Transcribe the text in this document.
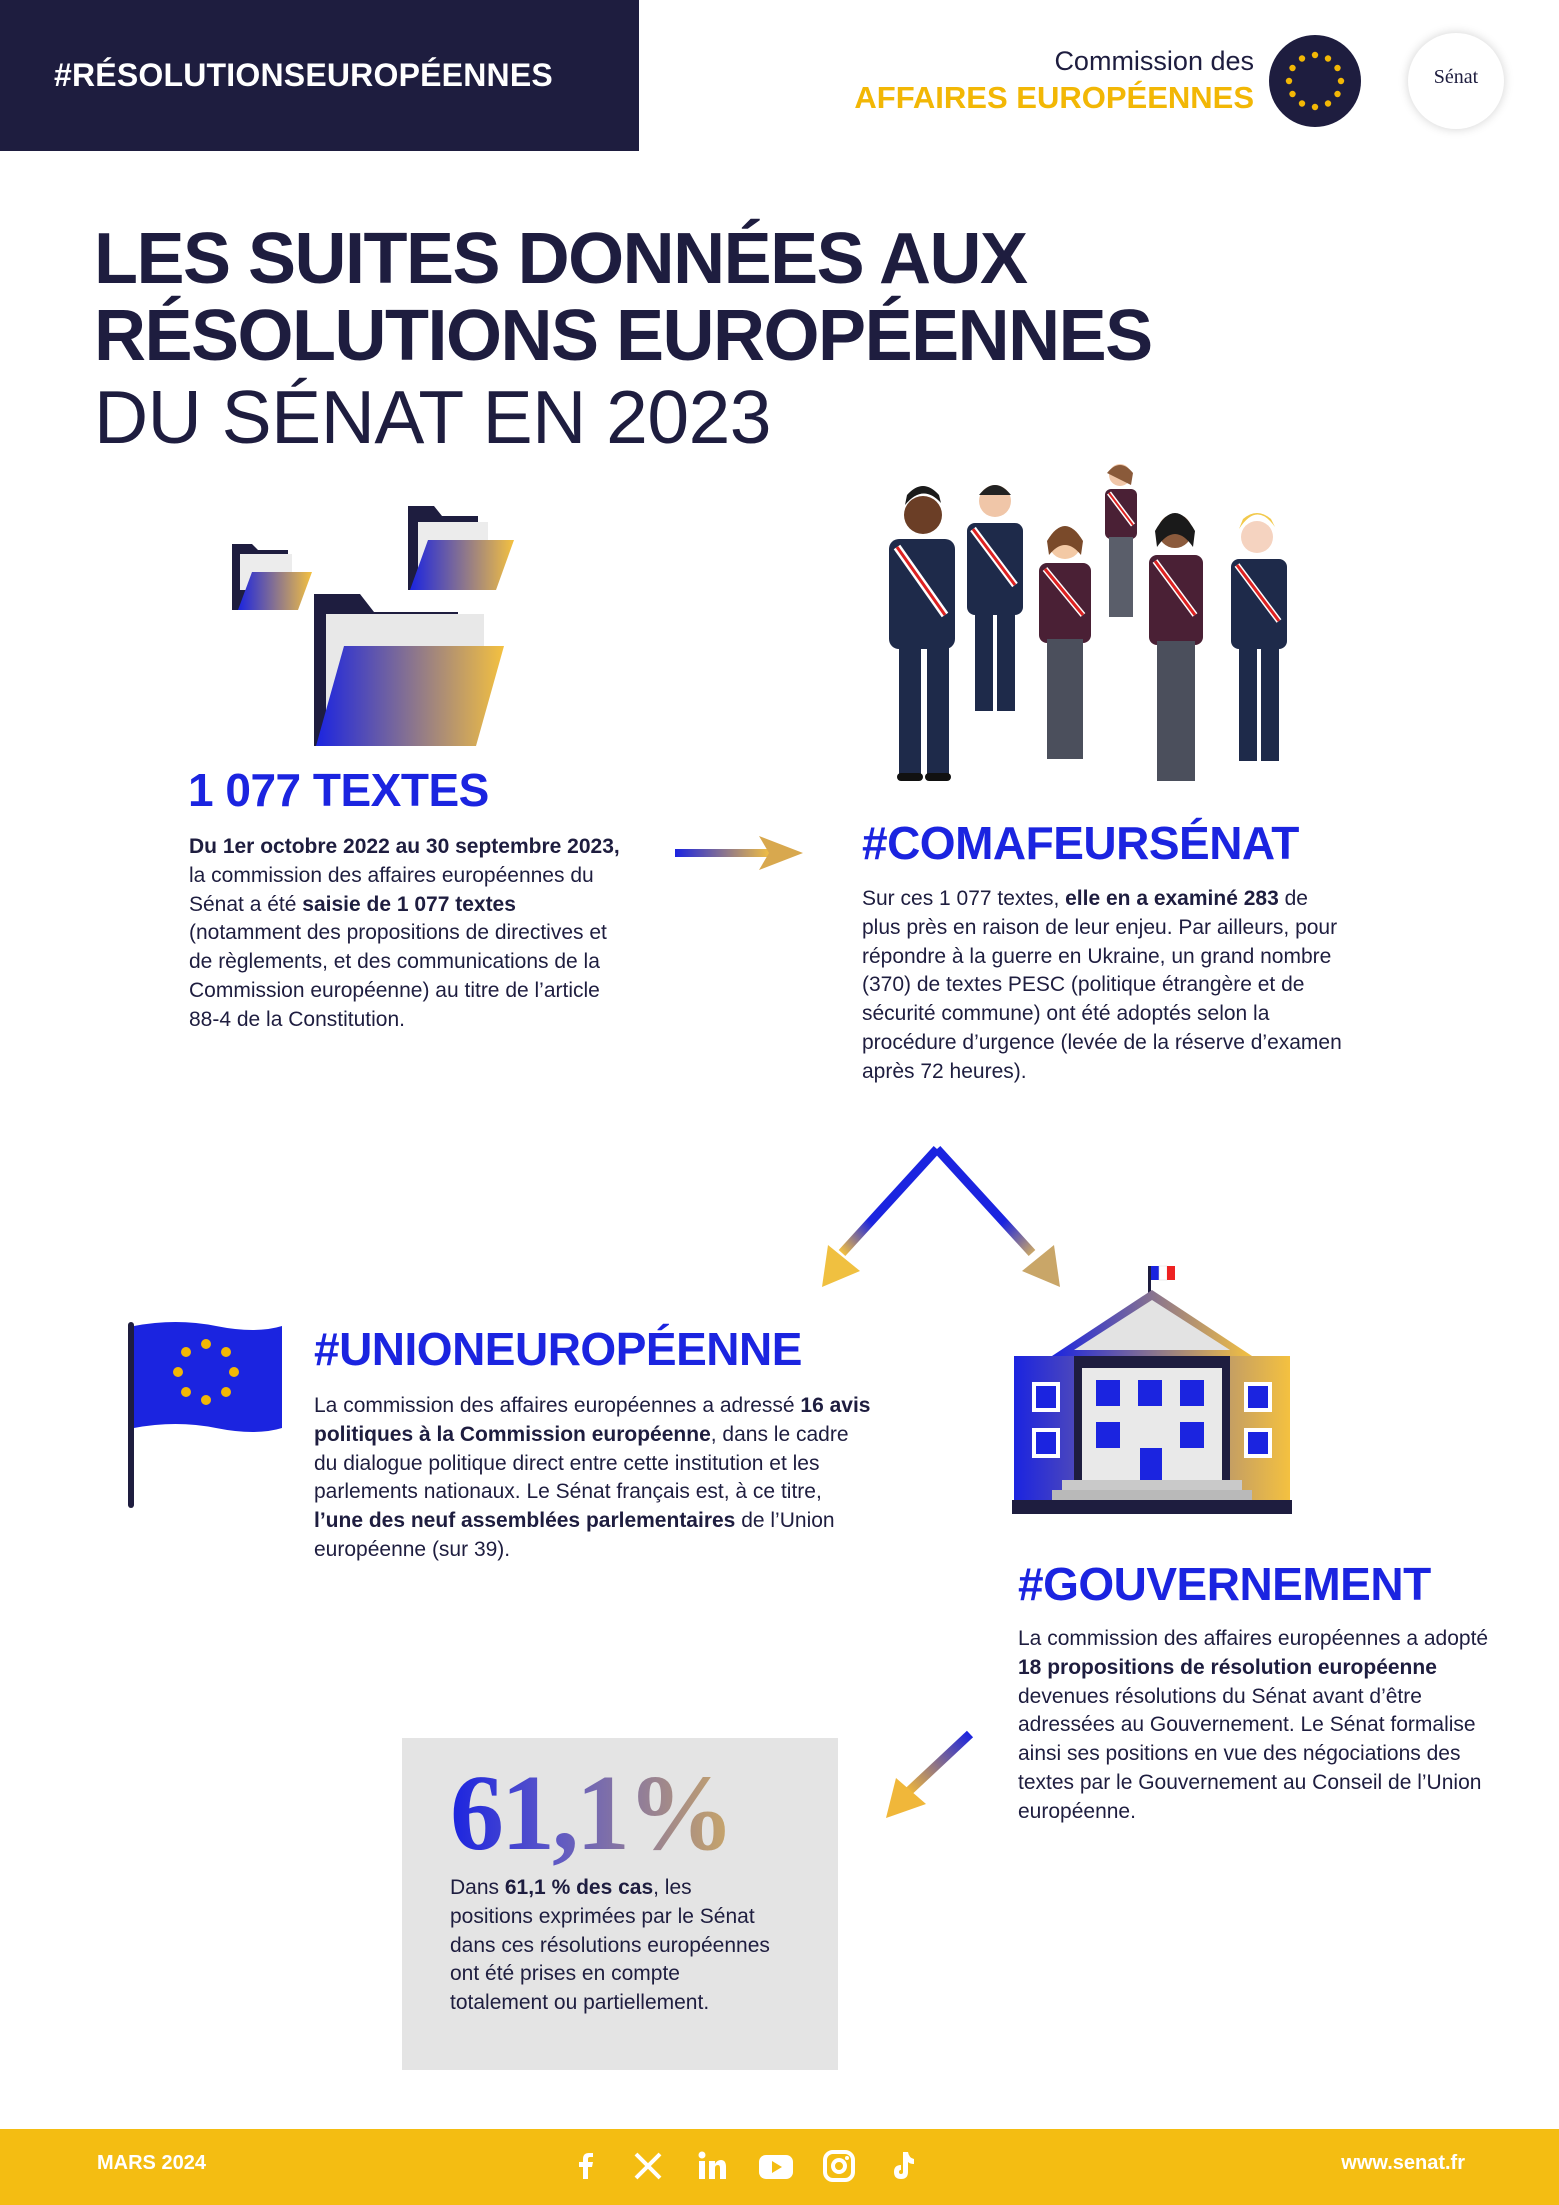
#RÉSOLUTIONSEUROPÉENNES	Commission des
AFFAIRES EUROPÉENNES
Sénat
LES SUITES DONNÉES AUX
RÉSOLUTIONS EUROPÉENNES
DU SÉNAT EN 2023
1 077 TEXTES
Du 1er octobre 2022 au 30 septembre 2023, la commission des affaires européennes du Sénat a été saisie de 1 077 textes (notamment des propositions de directives et de règlements, et des communications de la Commission européenne) au titre de l’article 88-4 de la Constitution.
#COMAFEURSÉNAT
Sur ces 1 077 textes, elle en a examiné 283 de plus près en raison de leur enjeu. Par ailleurs, pour répondre à la guerre en Ukraine, un grand nombre (370) de textes PESC (politique étrangère et de sécurité commune) ont été adoptés selon la procédure d’urgence (levée de la réserve d’examen après 72 heures).
#UNIONEUROPÉENNE
La commission des affaires européennes a adressé 16 avis politiques à la Commission européenne, dans le cadre du dialogue politique direct entre cette institution et les parlements nationaux. Le Sénat français est, à ce titre, l’une des neuf assemblées parlementaires de l’Union européenne (sur 39).
#GOUVERNEMENT
La commission des affaires européennes a adopté 18 propositions de résolution européenne devenues résolutions du Sénat avant d’être adressées au Gouvernement. Le Sénat formalise ainsi ses positions en vue des négociations des textes par le Gouvernement au Conseil de l’Union européenne.
61,1%
Dans 61,1 % des cas, les positions exprimées par le Sénat dans ces résolutions européennes ont été prises en compte totalement ou partiellement.
MARS 2024	www.senat.fr
